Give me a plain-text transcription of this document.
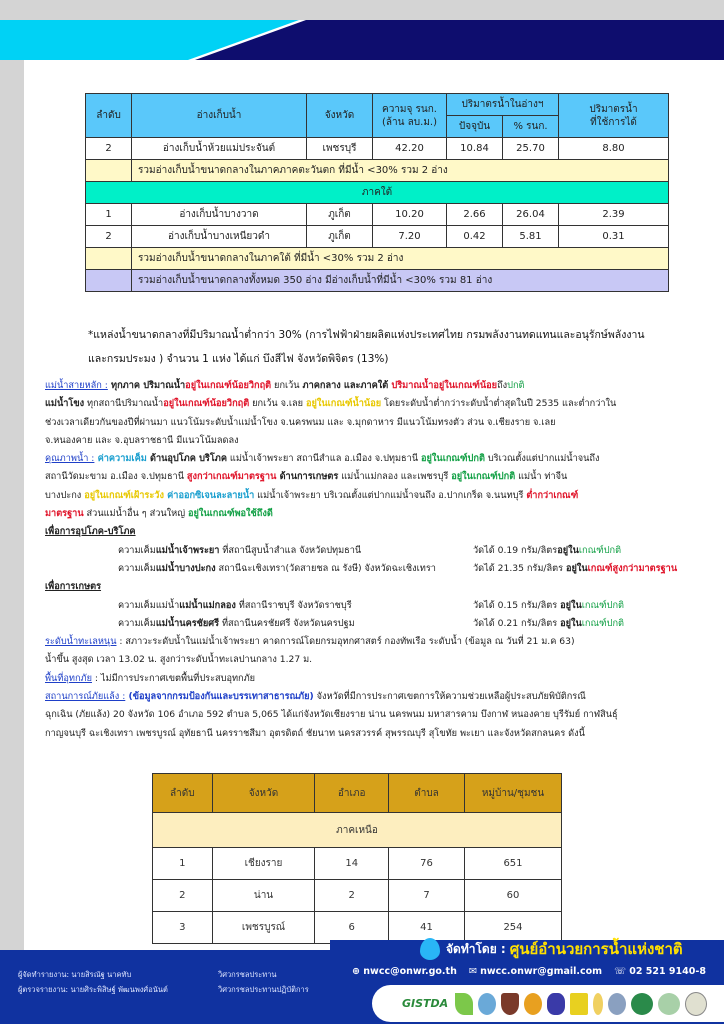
ลำดับ	อ่างเก็บน้ำ	จังหวัด	ความจุ รนก.
(ล้าน ลบ.ม.)	ปริมาตรน้ำในอ่างฯ		ปริมาตรน้ำ
ที่ใช้การได้
				ปัจจุบัน	% รนก.	
2	อ่างเก็บน้ำห้วยแม่ประจันต์	เพชรบุรี	42.20	10.84	25.70	8.80
	รวมอ่างเก็บน้ำขนาดกลางในภาคภาคตะวันตก ที่มีน้ำ <30% รวม 2 อ่าง					
ภาคใต้						
1	อ่างเก็บน้ำบางวาด	ภูเก็ต	10.20	2.66	26.04	2.39
2	อ่างเก็บน้ำบางเหนียวดำ	ภูเก็ต	7.20	0.42	5.81	0.31
	รวมอ่างเก็บน้ำขนาดกลางในภาคใต้ ที่มีน้ำ <30% รวม 2 อ่าง					
	รวมอ่างเก็บน้ำขนาดกลางทั้งหมด 350 อ่าง มีอ่างเก็บน้ำที่มีน้ำ <30% รวม 81 อ่าง					
*แหล่งน้ำขนาดกลางที่มีปริมาณน้ำต่ำกว่า 30% (การไฟฟ้าฝ่ายผลิตแห่งประเทศไทย กรมพลังงานทดแทนและอนุรักษ์พลังงาน
และกรมประมง ) จำนวน 1 แห่ง ได้แก่ บึงสีไฟ จังหวัดพิจิตร (13%)

แม่น้ำสายหลัก : ทุกภาค ปริมาณน้ำอยู่ในเกณฑ์น้อยวิกฤติ ยกเว้น ภาคกลาง และภาคใต้ ปริมาณน้ำอยู่ในเกณฑ์น้อยถึงปกติ

แม่น้ำโขง ทุกสถานีปริมาณน้ำอยู่ในเกณฑ์น้อยวิกฤติ ยกเว้น จ.เลย อยู่ในเกณฑ์น้ำน้อย โดยระดับน้ำต่ำกว่าระดับน้ำต่ำสุดในปี 2535 และต่ำกว่าใน

ช่วงเวลาเดียวกันของปีที่ผ่านมา แนวโน้มระดับน้ำแม่น้ำโขง จ.นครพนม และ จ.มุกดาหาร มีแนวโน้มทรงตัว ส่วน จ.เชียงราย จ.เลย

จ.หนองคาย และ จ.อุบลราชธานี มีแนวโน้มลดลง

คุณภาพน้ำ : ค่าความเค็ม ด้านอุปโภค บริโภค แม่น้ำเจ้าพระยา สถานีสำแล อ.เมือง จ.ปทุมธานี อยู่ในเกณฑ์ปกติ บริเวณตั้งแต่ปากแม่น้ำจนถึง

สถานีวัดมะขาม อ.เมือง จ.ปทุมธานี สูงกว่าเกณฑ์มาตรฐาน ด้านการเกษตร แม่น้ำแม่กลอง และเพชรบุรี อยู่ในเกณฑ์ปกติ แม่น้ำ ท่าจีน

บางปะกง อยู่ในเกณฑ์เฝ้าระวัง ค่าออกซิเจนละลายน้ำ แม่น้ำเจ้าพระยา บริเวณตั้งแต่ปากแม่น้ำจนถึง อ.ปากเกร็ด จ.นนทบุรี ต่ำกว่าเกณฑ์

มาตรฐาน ส่วนแม่น้ำอื่น ๆ ส่วนใหญ่ อยู่ในเกณฑ์พอใช้ถึงดี

เพื่อการอุปโภค-บริโภค

ความเค็มแม่น้ำเจ้าพระยา ที่สถานีสูบน้ำสำแล จังหวัดปทุมธานี	วัดได้ 0.19 กรัม/ลิตรอยู่ในเกณฑ์ปกติ

ความเค็มแม่น้ำบางปะกง สถานีฉะเชิงเทรา(วัดสายชล ณ รังษี) จังหวัดฉะเชิงเทรา	วัดได้ 21.35 กรัม/ลิตร อยู่ในเกณฑ์สูงกว่ามาตรฐาน

เพื่อการเกษตร

ความเค็มแม่น้ำแม่น้ำแม่กลอง ที่สถานีราชบุรี จังหวัดราชบุรี	วัดได้ 0.15 กรัม/ลิตร อยู่ในเกณฑ์ปกติ

ความเค็มแม่น้ำนครชัยศรี ที่สถานีนครชัยศรี จังหวัดนครปฐม	วัดได้ 0.21 กรัม/ลิตร อยู่ในเกณฑ์ปกติ

ระดับน้ำทะเลหนุน : สภาวะระดับน้ำในแม่น้ำเจ้าพระยา คาดการณ์โดยกรมอุทกศาสตร์ กองทัพเรือ ระดับน้ำ (ข้อมูล ณ วันที่ 21 ม.ค 63)

น้ำขึ้น สูงสุด เวลา 13.02 น. สูงกว่าระดับน้ำทะเลปานกลาง 1.27 ม.

พื้นที่อุทกภัย : ไม่มีการประกาศเขตพื้นที่ประสบอุทกภัย

สถานการณ์ภัยแล้ง : (ข้อมูลจากกรมป้องกันและบรรเทาสาธารณภัย) จังหวัดที่มีการประกาศเขตการให้ความช่วยเหลือผู้ประสบภัยพิบัติกรณี

ฉุกเฉิน (ภัยแล้ง) 20 จังหวัด 106 อำเภอ 592 ตำบล 5,065 ได้แก่จังหวัดเชียงราย น่าน นครพนม มหาสารคาม บึงกาฬ หนองคาย บุรีรัมย์ กาฬสินธุ์

กาญจนบุรี ฉะเชิงเทรา เพชรบูรณ์ อุทัยธานี นครราชสีมา อุตรดิตถ์ ชัยนาท นครสวรรค์ สุพรรณบุรี สุโขทัย พะเยา และจังหวัดสกลนคร ดังนี้

ลำดับ	จังหวัด	อำเภอ	ตำบล	หมู่บ้าน/ชุมชน
ภาคเหนือ				
1	เชียงราย	14	76	651
2	น่าน	2	7	60
3	เพชรบูรณ์	6	41	254
ผู้จัดทำรายงาน: นายสิรณัฐ นาคทับ	วิศวกรชลประทาน
ผู้ตรวจรายงาน: นายศิระพิสิษฐ์ พัฒนพงศ์อนันต์	วิศวกรชลประทานปฏิบัติการ
จัดทำโดย : ศูนย์อำนวยการน้ำแห่งชาติ
⊕ nwcc@onwr.go.th ✉ nwcc.onwr@gmail.com ☏ 02 521 9140-8
GISTDA
